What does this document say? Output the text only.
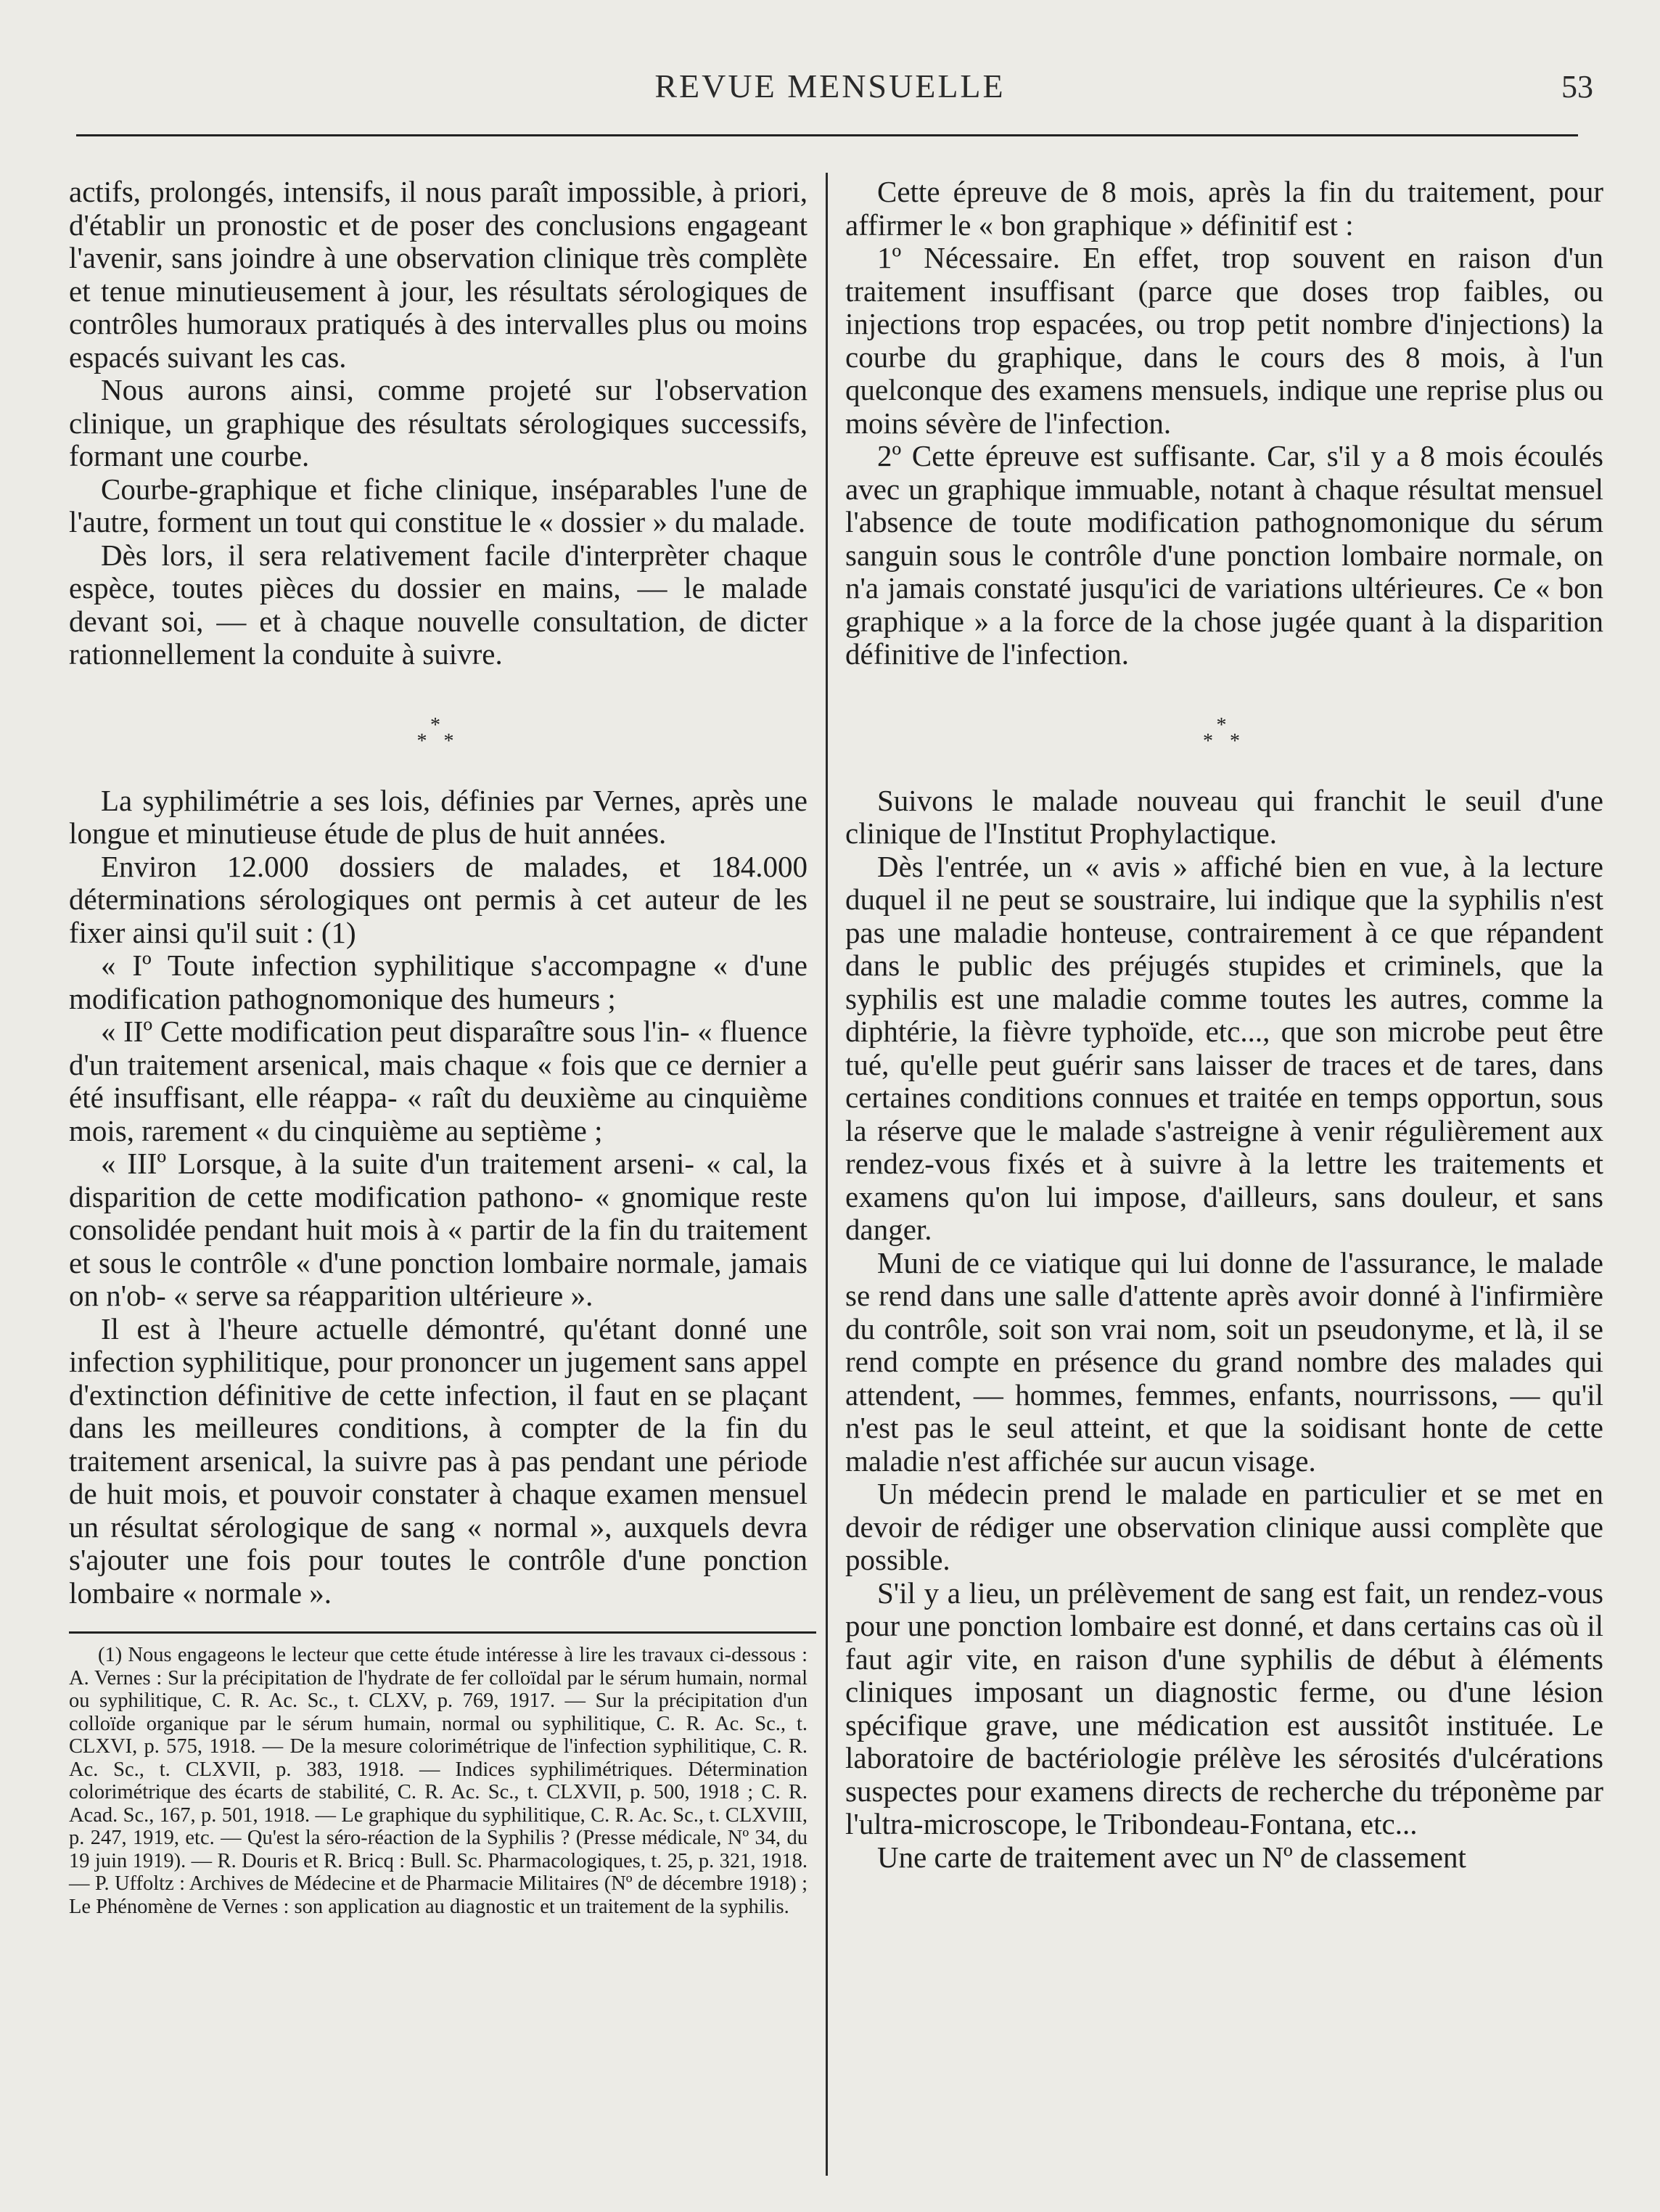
REVUE MENSUELLE	53

actifs, prolongés, intensifs, il nous paraît impossible, à priori, d'établir un pronostic et de poser des conclusions engageant l'avenir, sans joindre à une observation clinique très complète et tenue minutieusement à jour, les résultats sérologiques de contrôles humoraux pratiqués à des intervalles plus ou moins espacés suivant les cas.

Nous aurons ainsi, comme projeté sur l'observation clinique, un graphique des résultats sérologiques successifs, formant une courbe.

Courbe-graphique et fiche clinique, inséparables l'une de l'autre, forment un tout qui constitue le « dossier » du malade.

Dès lors, il sera relativement facile d'interprèter chaque espèce, toutes pièces du dossier en mains, — le malade devant soi, — et à chaque nouvelle consultation, de dicter rationnellement la conduite à suivre.

*
* *

La syphilimétrie a ses lois, définies par Vernes, après une longue et minutieuse étude de plus de huit années.

Environ 12.000 dossiers de malades, et 184.000 déterminations sérologiques ont permis à cet auteur de les fixer ainsi qu'il suit : (1)

« Iº Toute infection syphilitique s'accompagne « d'une modification pathognomonique des humeurs ;

« IIº Cette modification peut disparaître sous l'in- « fluence d'un traitement arsenical, mais chaque « fois que ce dernier a été insuffisant, elle réappa- « raît du deuxième au cinquième mois, rarement « du cinquième au septième ;

« IIIº Lorsque, à la suite d'un traitement arseni- « cal, la disparition de cette modification pathono- « gnomique reste consolidée pendant huit mois à « partir de la fin du traitement et sous le contrôle « d'une ponction lombaire normale, jamais on n'ob- « serve sa réapparition ultérieure ».

Il est à l'heure actuelle démontré, qu'étant donné une infection syphilitique, pour prononcer un jugement sans appel d'extinction définitive de cette infection, il faut en se plaçant dans les meilleures conditions, à compter de la fin du traitement arsenical, la suivre pas à pas pendant une période de huit mois, et pouvoir constater à chaque examen mensuel un résultat sérologique de sang « normal », auxquels devra s'ajouter une fois pour toutes le contrôle d'une ponction lombaire « normale ».

(1) Nous engageons le lecteur que cette étude intéresse à lire les travaux ci-dessous : A. Vernes : Sur la précipitation de l'hydrate de fer colloïdal par le sérum humain, normal ou syphilitique, C. R. Ac. Sc., t. CLXV, p. 769, 1917. — Sur la précipitation d'un colloïde organique par le sérum humain, normal ou syphilitique, C. R. Ac. Sc., t. CLXVI, p. 575, 1918. — De la mesure colorimétrique de l'infection syphilitique, C. R. Ac. Sc., t. CLXVII, p. 383, 1918. — Indices syphilimétriques. Détermination colorimétrique des écarts de stabilité, C. R. Ac. Sc., t. CLXVII, p. 500, 1918 ; C. R. Acad. Sc., 167, p. 501, 1918. — Le graphique du syphilitique, C. R. Ac. Sc., t. CLXVIII, p. 247, 1919, etc. — Qu'est la séro-réaction de la Syphilis ? (Presse médicale, Nº 34, du 19 juin 1919). — R. Douris et R. Bricq : Bull. Sc. Pharmacologiques, t. 25, p. 321, 1918. — P. Uffoltz : Archives de Médecine et de Pharmacie Militaires (Nº de décembre 1918) ; Le Phénomène de Vernes : son application au diagnostic et un traitement de la syphilis.

Cette épreuve de 8 mois, après la fin du traitement, pour affirmer le « bon graphique » définitif est :

1º Nécessaire. En effet, trop souvent en raison d'un traitement insuffisant (parce que doses trop faibles, ou injections trop espacées, ou trop petit nombre d'injections) la courbe du graphique, dans le cours des 8 mois, à l'un quelconque des examens mensuels, indique une reprise plus ou moins sévère de l'infection.

2º Cette épreuve est suffisante. Car, s'il y a 8 mois écoulés avec un graphique immuable, notant à chaque résultat mensuel l'absence de toute modification pathognomonique du sérum sanguin sous le contrôle d'une ponction lombaire normale, on n'a jamais constaté jusqu'ici de variations ultérieures. Ce « bon graphique » a la force de la chose jugée quant à la disparition définitive de l'infection.

*
* *

Suivons le malade nouveau qui franchit le seuil d'une clinique de l'Institut Prophylactique.

Dès l'entrée, un « avis » affiché bien en vue, à la lecture duquel il ne peut se soustraire, lui indique que la syphilis n'est pas une maladie honteuse, contrairement à ce que répandent dans le public des préjugés stupides et criminels, que la syphilis est une maladie comme toutes les autres, comme la diphtérie, la fièvre typhoïde, etc..., que son microbe peut être tué, qu'elle peut guérir sans laisser de traces et de tares, dans certaines conditions connues et traitée en temps opportun, sous la réserve que le malade s'astreigne à venir régulièrement aux rendez-vous fixés et à suivre à la lettre les traitements et examens qu'on lui impose, d'ailleurs, sans douleur, et sans danger.

Muni de ce viatique qui lui donne de l'assurance, le malade se rend dans une salle d'attente après avoir donné à l'infirmière du contrôle, soit son vrai nom, soit un pseudonyme, et là, il se rend compte en présence du grand nombre des malades qui attendent, — hommes, femmes, enfants, nourrissons, — qu'il n'est pas le seul atteint, et que la soidisant honte de cette maladie n'est affichée sur aucun visage.

Un médecin prend le malade en particulier et se met en devoir de rédiger une observation clinique aussi complète que possible.

S'il y a lieu, un prélèvement de sang est fait, un rendez-vous pour une ponction lombaire est donné, et dans certains cas où il faut agir vite, en raison d'une syphilis de début à éléments cliniques imposant un diagnostic ferme, ou d'une lésion spécifique grave, une médication est aussitôt instituée. Le laboratoire de bactériologie prélève les sérosités d'ulcérations suspectes pour examens directs de recherche du tréponème par l'ultra-microscope, le Tribondeau-Fontana, etc...

Une carte de traitement avec un Nº de classement
